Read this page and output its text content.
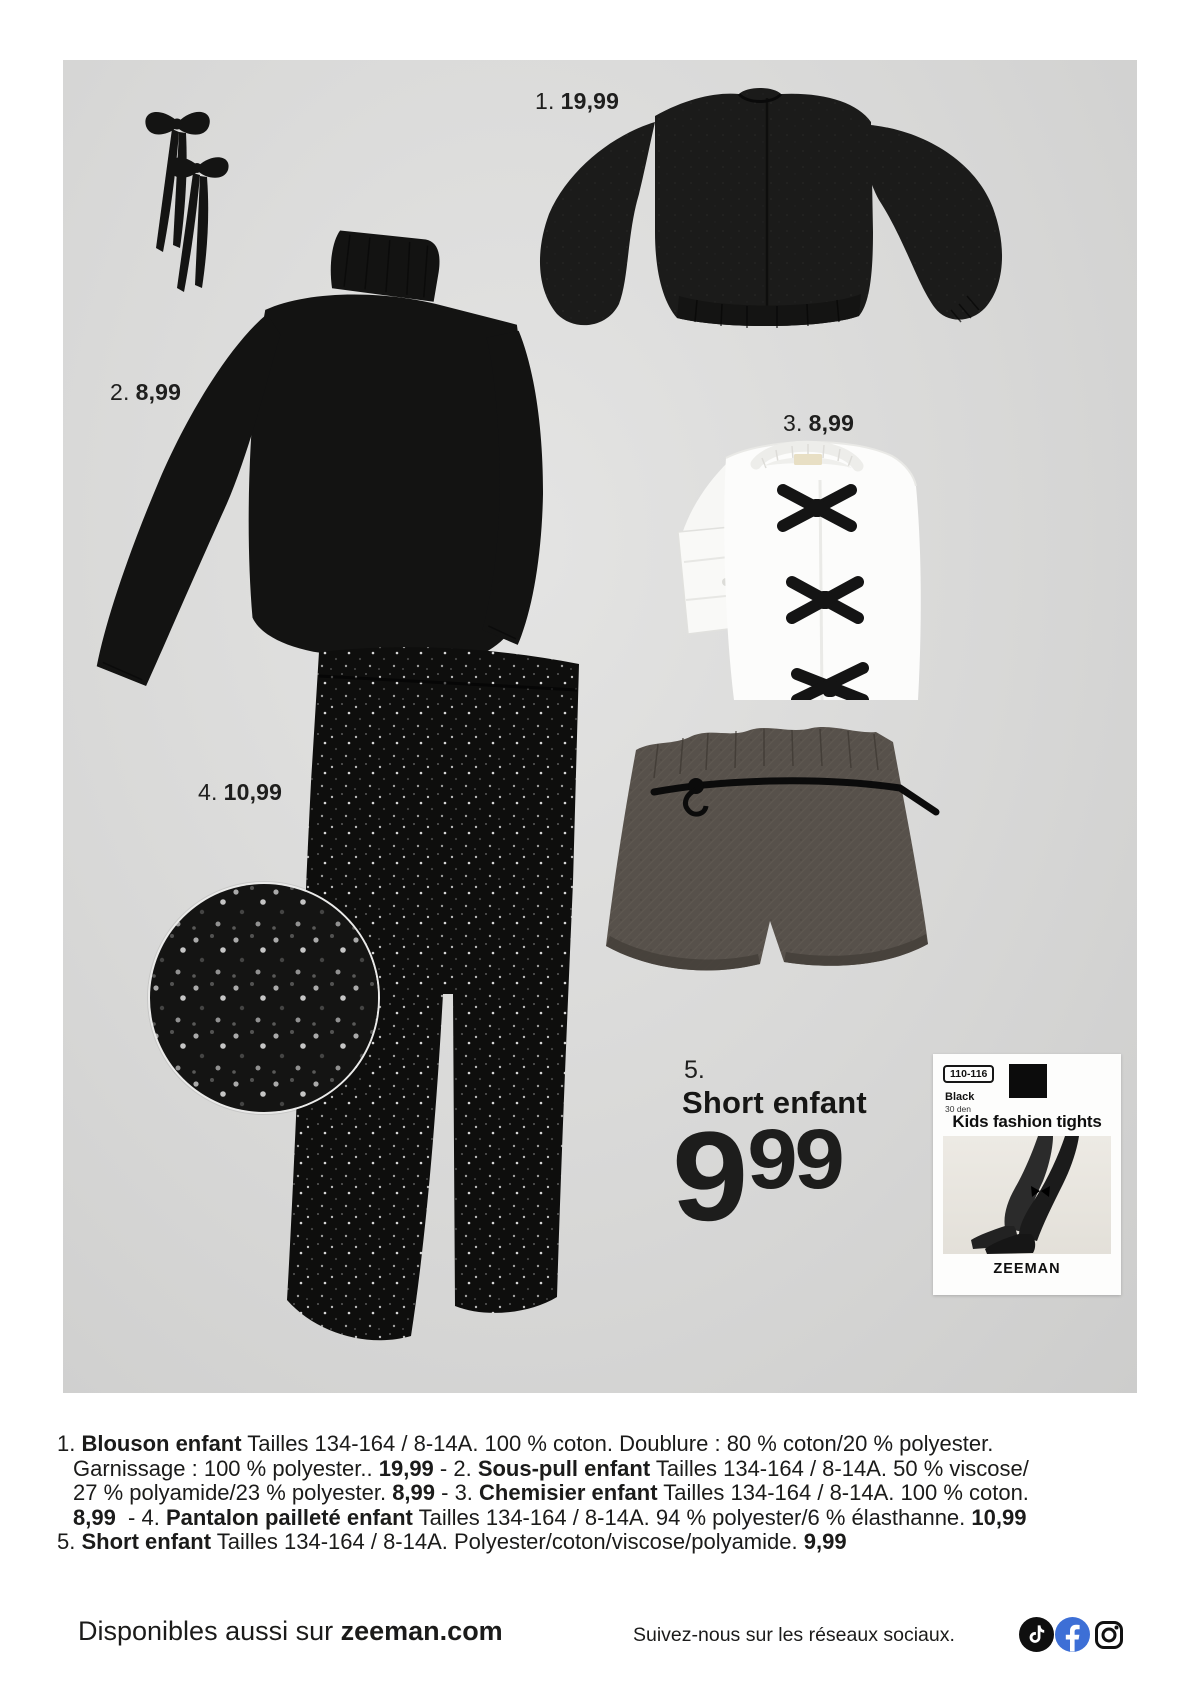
1. 19,99
2. 8,99
3. 8,99
4. 10,99
5.
Short enfant
9 99
110-116
Black
30 den
Kids fashion tights
ZEEMAN
1. Blouson enfant Tailles 134-164 / 8-14A. 100 % coton. Doublure : 80 % coton/20 % polyester.
Garnissage : 100 % polyester.. 19,99 - 2. Sous-pull enfant Tailles 134-164 / 8-14A. 50 % viscose/
27 % polyamide/23 % polyester. 8,99 - 3. Chemisier enfant Tailles 134-164 / 8-14A. 100 % coton.
8,99  - 4. Pantalon pailleté enfant Tailles 134-164 / 8-14A. 94 % polyester/6 % élasthanne. 10,99
5. Short enfant Tailles 134-164 / 8-14A. Polyester/coton/viscose/polyamide. 9,99
Disponibles aussi sur zeeman.com	Suivez-nous sur les réseaux sociaux.
